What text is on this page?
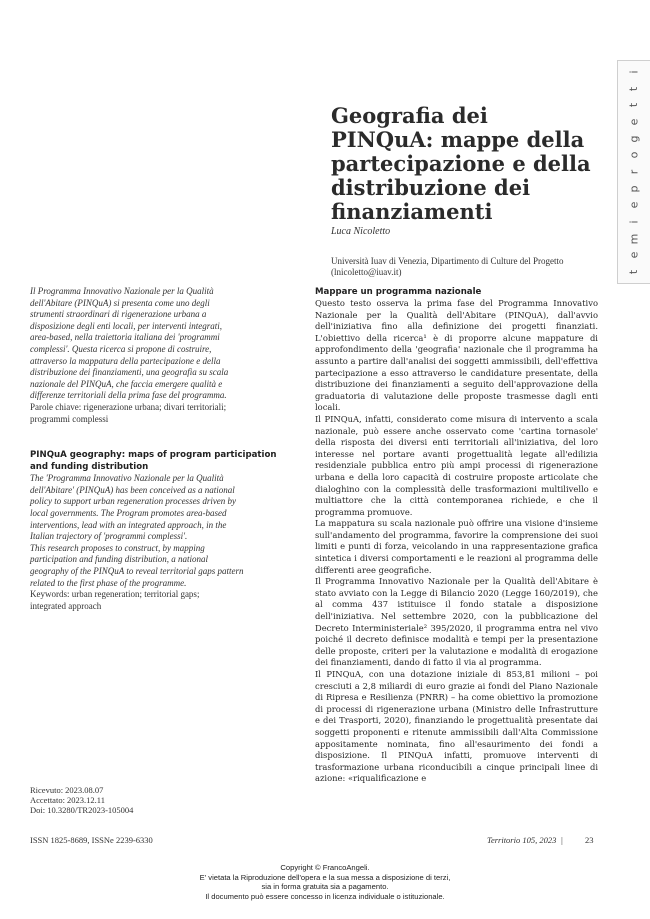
i
t
t
e
g
o
r
p
e
i
m
e
t
Geografia dei
PINQuA: mappe della
partecipazione e della
distribuzione dei
finanziamenti
Luca Nicoletto
Università Iuav di Venezia, Dipartimento di Culture del Progetto
(lnicoletto@iuav.it)
Il Programma Innovativo Nazionale per la Qualità
dell'Abitare (PINQuA) si presenta come uno degli
strumenti straordinari di rigenerazione urbana a
disposizione degli enti locali, per interventi integrati,
area-based, nella traiettoria italiana dei 'programmi
complessi'. Questa ricerca si propone di costruire,
attraverso la mappatura della partecipazione e della
distribuzione dei finanziamenti, una geografia su scala
nazionale del PINQuA, che faccia emergere qualità e
differenze territoriali della prima fase del programma.
Parole chiave: rigenerazione urbana; divari territoriali;
programmi complessi
PINQuA geography: maps of program participation
and funding distribution
The 'Programma Innovativo Nazionale per la Qualità
dell'Abitare' (PINQuA) has been conceived as a national
policy to support urban regeneration processes driven by
local governments. The Program promotes area-based
interventions, lead with an integrated approach, in the
Italian trajectory of 'programmi complessi'.
This research proposes to construct, by mapping
participation and funding distribution, a national
geography of the PINQuA to reveal territorial gaps pattern
related to the first phase of the programme.
Keywords: urban regeneration; territorial gaps;
integrated approach
Ricevuto: 2023.08.07
Accettato: 2023.12.11
Doi: 10.3280/TR2023-105004
Mappare un programma nazionale

Questo testo osserva la prima fase del Programma Innovativo Nazionale per la Qualità dell'Abitare (PINQuA), dall'avvio dell'iniziativa fino alla definizione dei progetti finanziati. L'obiettivo della ricerca¹ è di proporre alcune mappature di approfondimento della 'geografia' nazionale che il programma ha assunto a partire dall'analisi dei soggetti ammissibili, dell'effettiva partecipazione a esso attraverso le candidature presentate, della distribuzione dei finanziamenti a seguito dell'approvazione della graduatoria di valutazione delle proposte trasmesse dagli enti locali.

Il PINQuA, infatti, considerato come misura di intervento a scala nazionale, può essere anche osservato come 'cartina tornasole' della risposta dei diversi enti territoriali all'iniziativa, del loro interesse nel portare avanti progettualità legate all'edilizia residenziale pubblica entro più ampi processi di rigenerazione urbana e della loro capacità di costruire proposte articolate che dialoghino con la complessità delle trasformazioni multilivello e multiattore che la città contemporanea richiede, e che il programma promuove.

La mappatura su scala nazionale può offrire una visione d'insieme sull'andamento del programma, favorire la comprensione dei suoi limiti e punti di forza, veicolando in una rappresentazione grafica sintetica i diversi comportamenti e le reazioni al programma delle differenti aree geografiche.

Il Programma Innovativo Nazionale per la Qualità dell'Abitare è stato avviato con la Legge di Bilancio 2020 (Legge 160/2019), che al comma 437 istituisce il fondo statale a disposizione dell'iniziativa. Nel settembre 2020, con la pubblicazione del Decreto Interministeriale² 395/2020, il programma entra nel vivo poiché il decreto definisce modalità e tempi per la presentazione delle proposte, criteri per la valutazione e modalità di erogazione dei finanziamenti, dando di fatto il via al programma.

Il PINQuA, con una dotazione iniziale di 853,81 milioni – poi cresciuti a 2,8 miliardi di euro grazie ai fondi del Piano Nazionale di Ripresa e Resilienza (PNRR) – ha come obiettivo la promozione di processi di rigenerazione urbana (Ministro delle Infrastrutture e dei Trasporti, 2020), finanziando le progettualità presentate dai soggetti proponenti e ritenute ammissibili dall'Alta Commissione appositamente nominata, fino all'esaurimento dei fondi a disposizione. Il PINQuA infatti, promuove interventi di trasformazione urbana riconducibili a cinque principali linee di azione: «riqualificazione e

ISSN 1825-8689, ISSNe 2239-6330	Territorio 105, 2023 |	23
Copyright © FrancoAngeli.
E' vietata la Riproduzione dell'opera e la sua messa a disposizione di terzi,
sia in forma gratuita sia a pagamento.
Il documento può essere concesso in licenza individuale o istituzionale.
